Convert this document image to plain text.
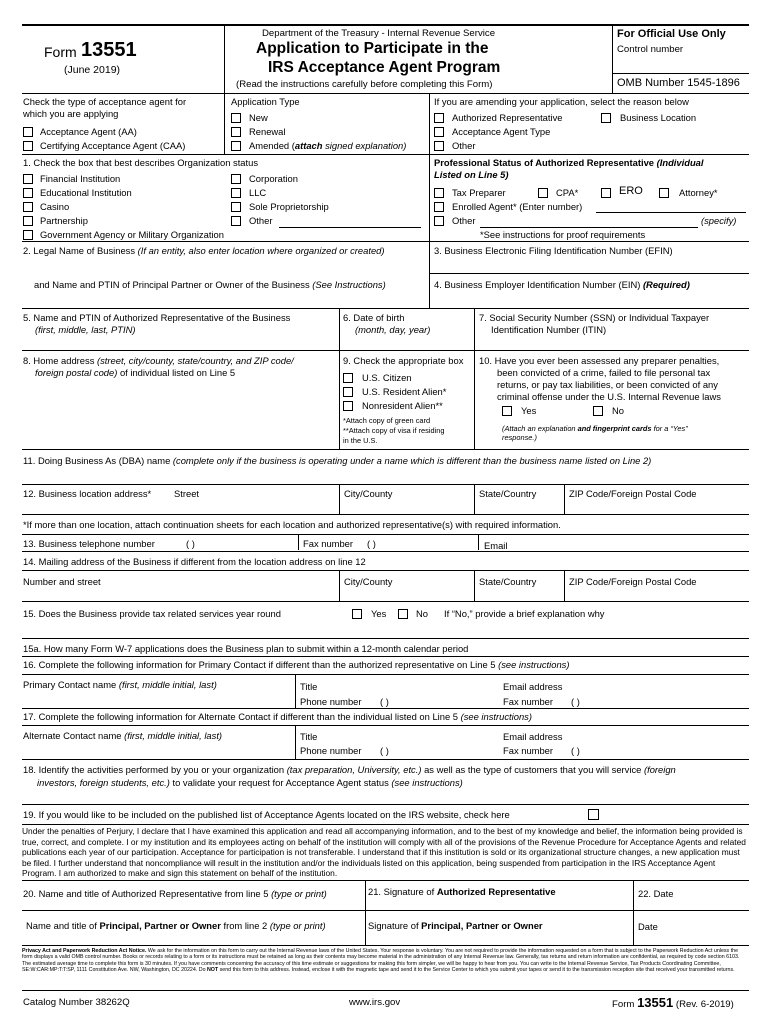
Form 13551
(June 2019)
Department of the Treasury - Internal Revenue Service
Application to Participate in the
IRS Acceptance Agent Program
(Read the instructions carefully before completing this Form)
For Official Use Only
Control number
OMB Number 1545-1896
Check the type of acceptance agent for
which you are applying
Acceptance Agent (AA)
Certifying Acceptance Agent (CAA)
Application Type
New
Renewal
Amended (attach signed explanation)
If you are amending your application, select the reason below
Authorized Representative	Business Location
Acceptance Agent Type
Other
1. Check the box that best describes Organization status
Financial Institution
Educational Institution
Casino
Partnership
Government Agency or Military Organization
Corporation
LLC
Sole Proprietorship
Other
Professional Status of Authorized Representative (Individual
Listed on Line 5)
Tax Preparer	CPA*	ERO	Attorney*
Enrolled Agent* (Enter number)
Other	(specify)
*See instructions for proof requirements
2. Legal Name of Business (If an entity, also enter location where organized or created)	3. Business Electronic Filing Identification Number (EFIN)
and Name and PTIN of Principal Partner or Owner of the Business (See Instructions)	4. Business Employer Identification Number (EIN) (Required)
5. Name and PTIN of Authorized Representative of the Business
(first, middle, last, PTIN)
6. Date of birth
(month, day, year)
7. Social Security Number (SSN) or Individual Taxpayer
Identification Number (ITIN)
8. Home address (street, city/county, state/country, and ZIP code/
foreign postal code) of individual listed on Line 5
9. Check the appropriate box
U.S. Citizen
U.S. Resident Alien*
Nonresident Alien**
*Attach copy of green card
**Attach copy of visa if residing
in the U.S.
10. Have you ever been assessed any preparer penalties,
been convicted of a crime, failed to file personal tax
returns, or pay tax liabilities, or been convicted of any
criminal offense under the U.S. Internal Revenue laws
Yes	No
(Attach an explanation and fingerprint cards for a “Yes”
response.)
11. Doing Business As (DBA) name (complete only if the business is operating under a name which is different than the business name listed on Line 2)
12. Business location address* Street	City/County	State/Country	ZIP Code/Foreign Postal Code
*If more than one location, attach continuation sheets for each location and authorized representative(s) with required information.
13. Business telephone number	( )	Fax number ( )	Email
14. Mailing address of the Business if different from the location address on line 12
Number and street	City/County	State/Country	ZIP Code/Foreign Postal Code
15. Does the Business provide tax related services year round	Yes	No If “No,” provide a brief explanation why
15a. How many Form W-7 applications does the Business plan to submit within a 12-month calendar period
16. Complete the following information for Primary Contact if different than the authorized representative on Line 5 (see instructions)
Primary Contact name (first, middle initial, last)	Title
Phone number ( )
Email address
Fax number ( )
17. Complete the following information for Alternate Contact if different than the individual listed on Line 5 (see instructions)
Alternate Contact name (first, middle initial, last)	Title
Phone number ( )
Email address
Fax number ( )
18. Identify the activities performed by you or your organization (tax preparation, University, etc.) as well as the type of customers that you will service (foreign
investors, foreign students, etc.) to validate your request for Acceptance Agent status (see instructions)
19. If you would like to be included on the published list of Acceptance Agents located on the IRS website, check here
Under the penalties of Perjury, I declare that I have examined this application and read all accompanying information, and to the best of my knowledge and belief, the information being provided is true, correct, and complete. I or my institution and its employees acting on behalf of the institution will comply with all of the provisions of the Revenue Procedure for Acceptance Agents and related publications each year of our participation. Acceptance for participation is not transferable. I understand that if this institution is sold or its organizational structure changes, a new application must be filed. I further understand that noncompliance will result in the institution and/or the individuals listed on this application, being suspended from participation in the IRS Acceptance Agent Program. I am authorized to make and sign this statement on behalf of the institution.
20. Name and title of Authorized Representative from line 5 (type or print)	21. Signature of Authorized Representative	22. Date
Name and title of Principal, Partner or Owner from line 2 (type or print)	Signature of Principal, Partner or Owner	Date
Privacy Act and Paperwork Reduction Act Notice. We ask for the information on this form to carry out the Internal Revenue laws of the United States. Your response is voluntary. You are not required to provide the information requested on a form that is subject to the Paperwork Reduction Act unless the form displays a valid OMB control number. Books or records relating to a form or its instructions must be retained as long as their contents may become material in the administration of any Internal Revenue law. Generally, tax returns and return information are confidential, as required by code section 6103. The estimated average time to complete this form is 30 minutes. If you have comments concerning the accuracy of this time estimate or suggestions for making this form simpler, we will be happy to hear from you. You can write to the Internal Revenue Service, Tax Products Coordinating Committee, SE:W:CAR:MP:T:T:SP, 1111 Constitution Ave. NW, Washington, DC 20224. Do NOT send this form to this address. Instead, enclose it with the magnetic tape and send it to the Service Center to which you submit your tapes or send it to the transmission reception site that received your transmitted returns.
Catalog Number 38262Q	www.irs.gov	Form 13551 (Rev. 6-2019)
